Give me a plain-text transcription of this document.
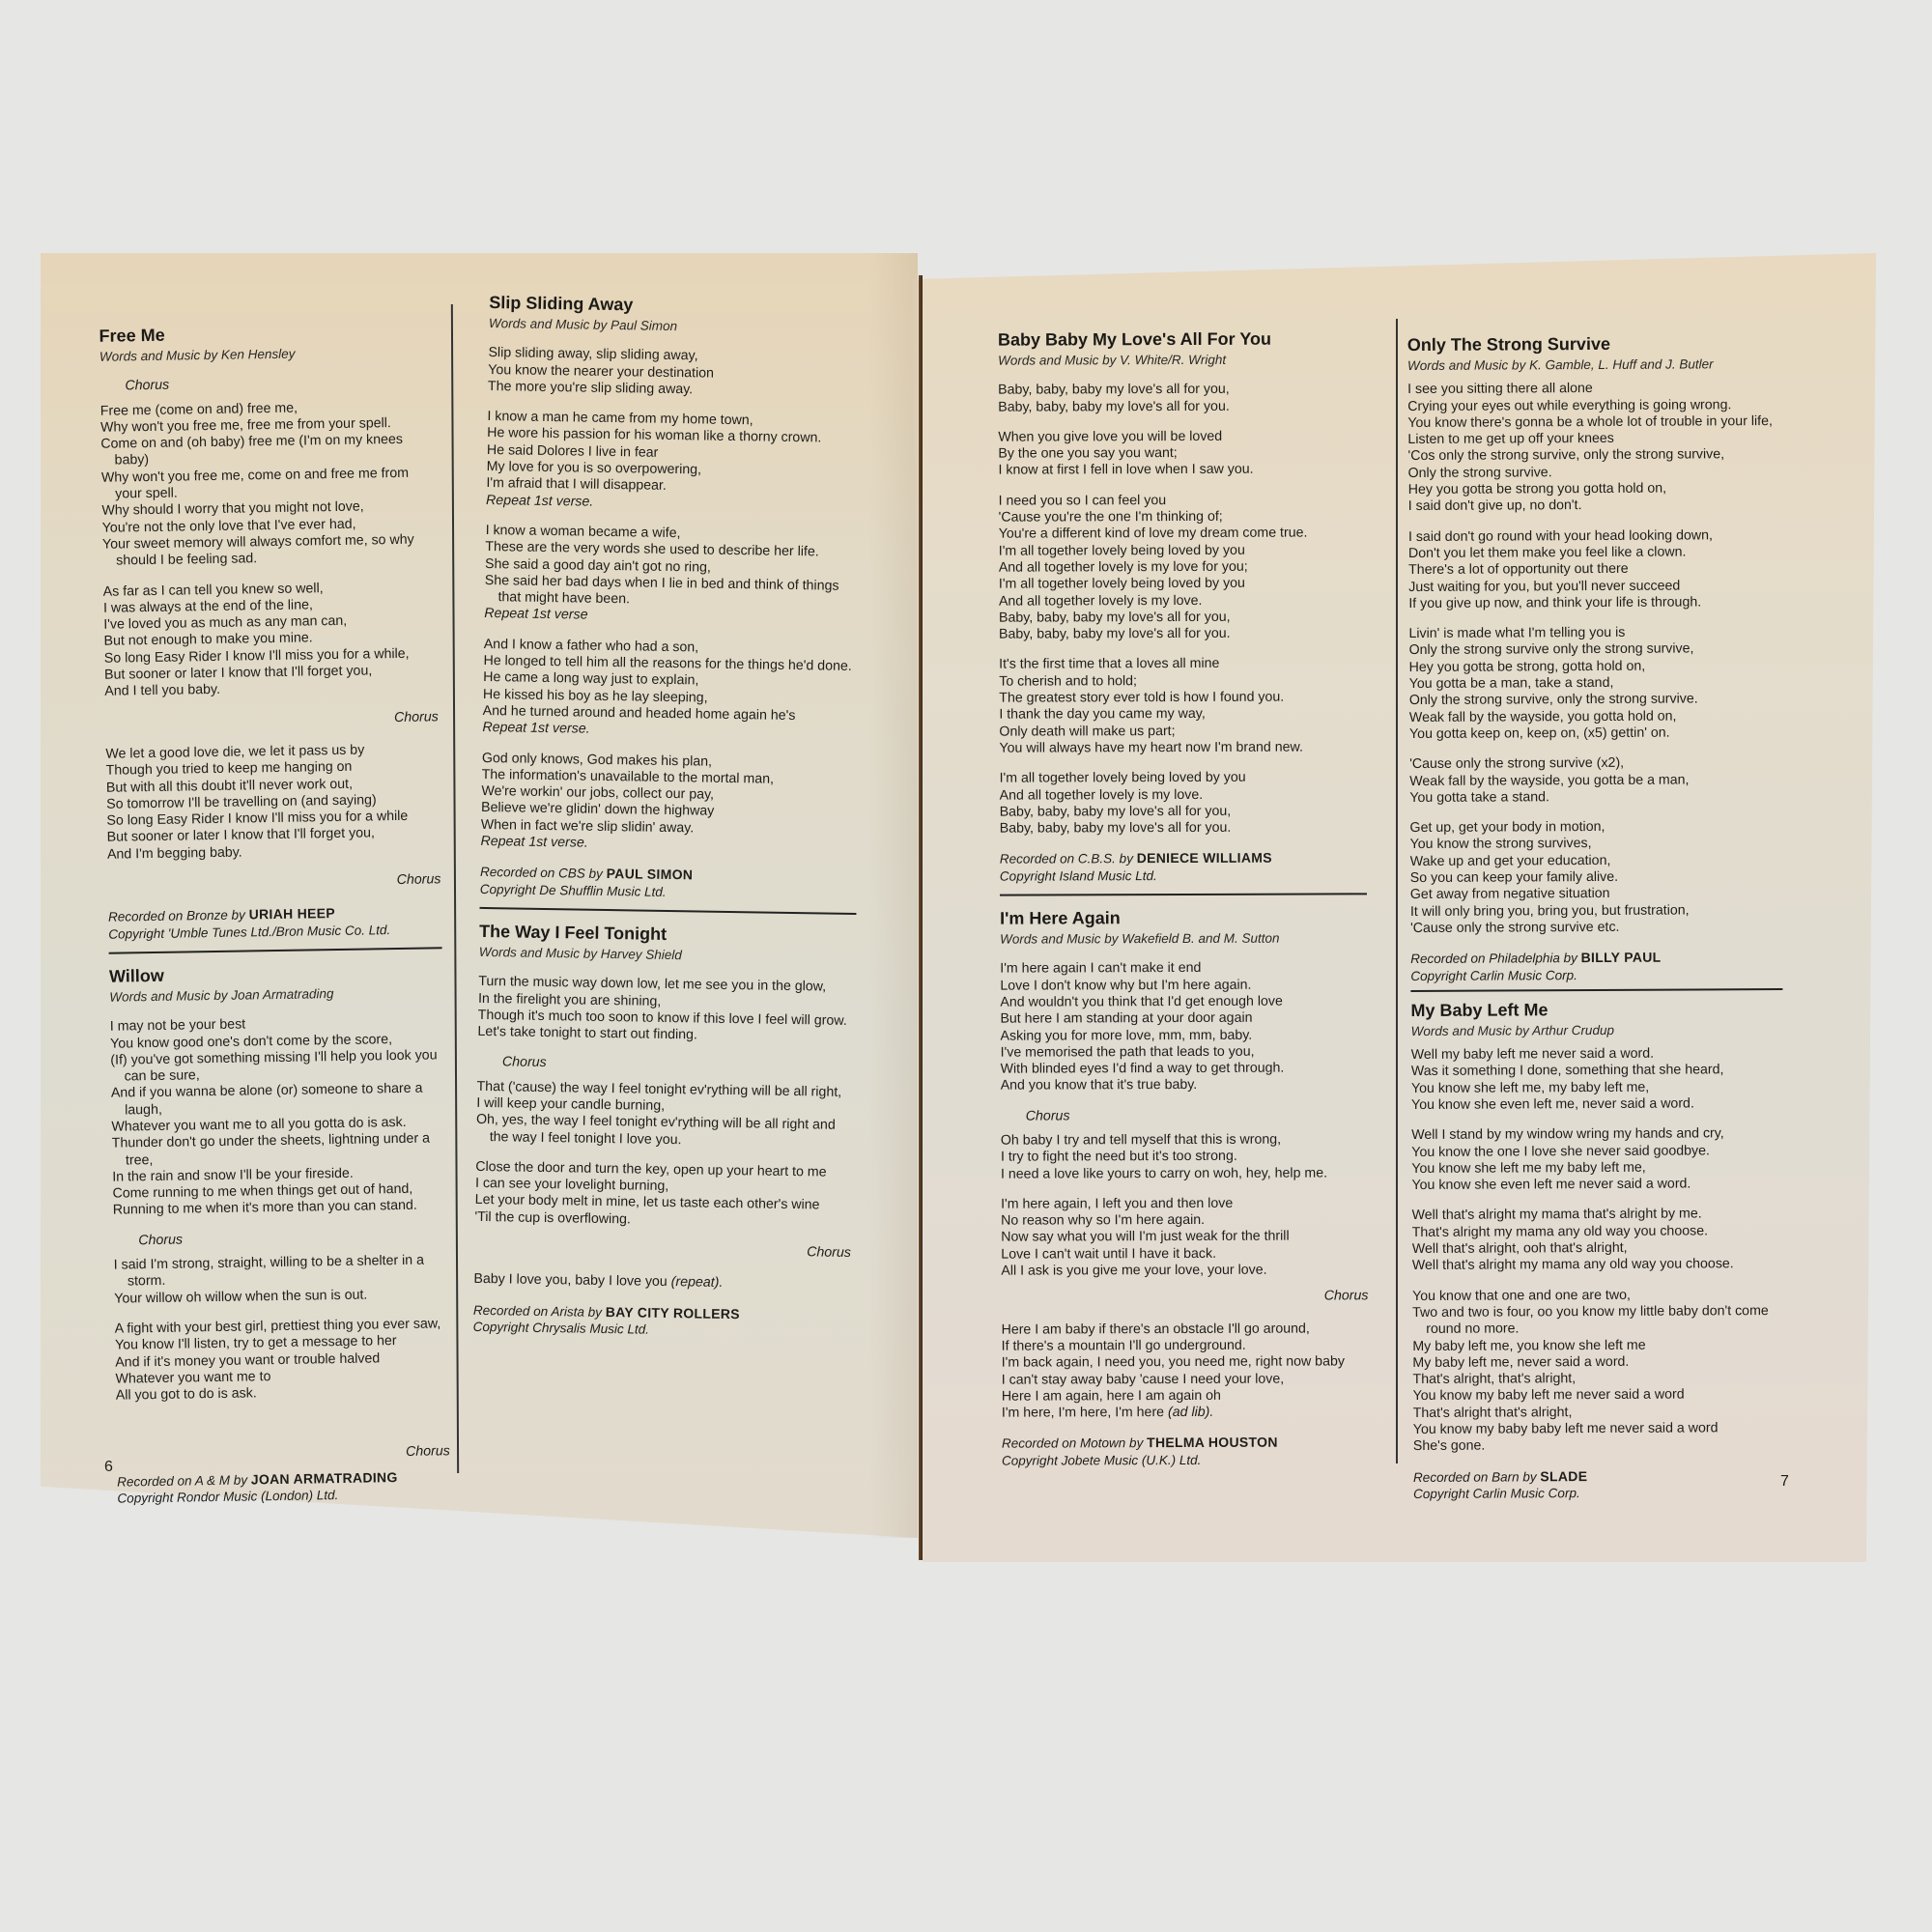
Free Me
Words and Music by Ken Hensley
Chorus
Free me (come on and) free me,
Why won't you free me, free me from your spell.
Come on and (oh baby) free me (I'm on my knees baby)
Why won't you free me, come on and free me from your spell.
Why should I worry that you might not love,
You're not the only love that I've ever had,
Your sweet memory will always comfort me, so why should I be feeling sad.
As far as I can tell you knew so well,
I was always at the end of the line,
I've loved you as much as any man can,
But not enough to make you mine.
So long Easy Rider I know I'll miss you for a while,
But sooner or later I know that I'll forget you,
And I tell you baby.
Chorus
We let a good love die, we let it pass us by
Though you tried to keep me hanging on
But with all this doubt it'll never work out,
So tomorrow I'll be travelling on (and saying)
So long Easy Rider I know I'll miss you for a while
But sooner or later I know that I'll forget you,
And I'm begging baby.
Chorus
Recorded on Bronze by URIAH HEEP
Copyright 'Umble Tunes Ltd./Bron Music Co. Ltd.
Willow
Words and Music by Joan Armatrading
I may not be your best
You know good one's don't come by the score,
(If) you've got something missing I'll help you look you can be sure,
And if you wanna be alone (or) someone to share a laugh,
Whatever you want me to all you gotta do is ask.
Thunder don't go under the sheets, lightning under a tree,
In the rain and snow I'll be your fireside.
Come running to me when things get out of hand,
Running to me when it's more than you can stand.
Chorus
I said I'm strong, straight, willing to be a shelter in a storm.
Your willow oh willow when the sun is out.
A fight with your best girl, prettiest thing you ever saw,
You know I'll listen, try to get a message to her
And if it's money you want or trouble halved
Whatever you want me to
All you got to do is ask.
Chorus
Recorded on A & M by JOAN ARMATRADING
Copyright Rondor Music (London) Ltd.
Slip Sliding Away
Words and Music by Paul Simon
Slip sliding away, slip sliding away,
You know the nearer your destination
The more you're slip sliding away.
I know a man he came from my home town,
He wore his passion for his woman like a thorny crown.
He said Dolores I live in fear
My love for you is so overpowering,
I'm afraid that I will disappear.
Repeat 1st verse.
I know a woman became a wife,
These are the very words she used to describe her life.
She said a good day ain't got no ring,
She said her bad days when I lie in bed and think of things that might have been.
Repeat 1st verse
And I know a father who had a son,
He longed to tell him all the reasons for the things he'd done.
He came a long way just to explain,
He kissed his boy as he lay sleeping,
And he turned around and headed home again he's
Repeat 1st verse.
God only knows, God makes his plan,
The information's unavailable to the mortal man,
We're workin' our jobs, collect our pay,
Believe we're glidin' down the highway
When in fact we're slip slidin' away.
Repeat 1st verse.
Recorded on CBS by PAUL SIMON
Copyright De Shufflin Music Ltd.
The Way I Feel Tonight
Words and Music by Harvey Shield
Turn the music way down low, let me see you in the glow,
In the firelight you are shining,
Though it's much too soon to know if this love I feel will grow.
Let's take tonight to start out finding.
Chorus
That ('cause) the way I feel tonight ev'rything will be all right,
I will keep your candle burning,
Oh, yes, the way I feel tonight ev'rything will be all right and the way I feel tonight I love you.
Close the door and turn the key, open up your heart to me
I can see your lovelight burning,
Let your body melt in mine, let us taste each other's wine
'Til the cup is overflowing.
Chorus
Baby I love you, baby I love you (repeat).
Recorded on Arista by BAY CITY ROLLERS
Copyright Chrysalis Music Ltd.
Baby Baby My Love's All For You
Words and Music by V. White/R. Wright
Baby, baby, baby my love's all for you,
Baby, baby, baby my love's all for you.
When you give love you will be loved
By the one you say you want;
I know at first I fell in love when I saw you.
I need you so I can feel you
'Cause you're the one I'm thinking of;
You're a different kind of love my dream come true.
I'm all together lovely being loved by you
And all together lovely is my love for you;
I'm all together lovely being loved by you
And all together lovely is my love.
Baby, baby, baby my love's all for you,
Baby, baby, baby my love's all for you.
It's the first time that a loves all mine
To cherish and to hold;
The greatest story ever told is how I found you.
I thank the day you came my way,
Only death will make us part;
You will always have my heart now I'm brand new.
I'm all together lovely being loved by you
And all together lovely is my love.
Baby, baby, baby my love's all for you,
Baby, baby, baby my love's all for you.
Recorded on C.B.S. by DENIECE WILLIAMS
Copyright Island Music Ltd.
I'm Here Again
Words and Music by Wakefield B. and M. Sutton
I'm here again I can't make it end
Love I don't know why but I'm here again.
And wouldn't you think that I'd get enough love
But here I am standing at your door again
Asking you for more love, mm, mm, baby.
I've memorised the path that leads to you,
With blinded eyes I'd find a way to get through.
And you know that it's true baby.
Chorus
Oh baby I try and tell myself that this is wrong,
I try to fight the need but it's too strong.
I need a love like yours to carry on woh, hey, help me.
I'm here again, I left you and then love
No reason why so I'm here again.
Now say what you will I'm just weak for the thrill
Love I can't wait until I have it back.
All I ask is you give me your love, your love.
Chorus
Here I am baby if there's an obstacle I'll go around,
If there's a mountain I'll go underground.
I'm back again, I need you, you need me, right now baby
I can't stay away baby 'cause I need your love,
Here I am again, here I am again oh
I'm here, I'm here, I'm here (ad lib).
Recorded on Motown by THELMA HOUSTON
Copyright Jobete Music (U.K.) Ltd.
Only The Strong Survive
Words and Music by K. Gamble, L. Huff and J. Butler
I see you sitting there all alone
Crying your eyes out while everything is going wrong.
You know there's gonna be a whole lot of trouble in your life,
Listen to me get up off your knees
'Cos only the strong survive, only the strong survive,
Only the strong survive.
Hey you gotta be strong you gotta hold on,
I said don't give up, no don't.
I said don't go round with your head looking down,
Don't you let them make you feel like a clown.
There's a lot of opportunity out there
Just waiting for you, but you'll never succeed
If you give up now, and think your life is through.
Livin' is made what I'm telling you is
Only the strong survive only the strong survive,
Hey you gotta be strong, gotta hold on,
You gotta be a man, take a stand,
Only the strong survive, only the strong survive.
Weak fall by the wayside, you gotta hold on,
You gotta keep on, keep on, (x5) gettin' on.
'Cause only the strong survive (x2),
Weak fall by the wayside, you gotta be a man,
You gotta take a stand.
Get up, get your body in motion,
You know the strong survives,
Wake up and get your education,
So you can keep your family alive.
Get away from negative situation
It will only bring you, bring you, but frustration,
'Cause only the strong survive etc.
Recorded on Philadelphia by BILLY PAUL
Copyright Carlin Music Corp.
My Baby Left Me
Words and Music by Arthur Crudup
Well my baby left me never said a word.
Was it something I done, something that she heard,
You know she left me, my baby left me,
You know she even left me, never said a word.
Well I stand by my window wring my hands and cry,
You know the one I love she never said goodbye.
You know she left me my baby left me,
You know she even left me never said a word.
Well that's alright my mama that's alright by me.
That's alright my mama any old way you choose.
Well that's alright, ooh that's alright,
Well that's alright my mama any old way you choose.
You know that one and one are two,
Two and two is four, oo you know my little baby don't come round no more.
My baby left me, you know she left me
My baby left me, never said a word.
That's alright, that's alright,
You know my baby left me never said a word
That's alright that's alright,
You know my baby baby left me never said a word
She's gone.
Recorded on Barn by SLADE
Copyright Carlin Music Corp.
6
7
